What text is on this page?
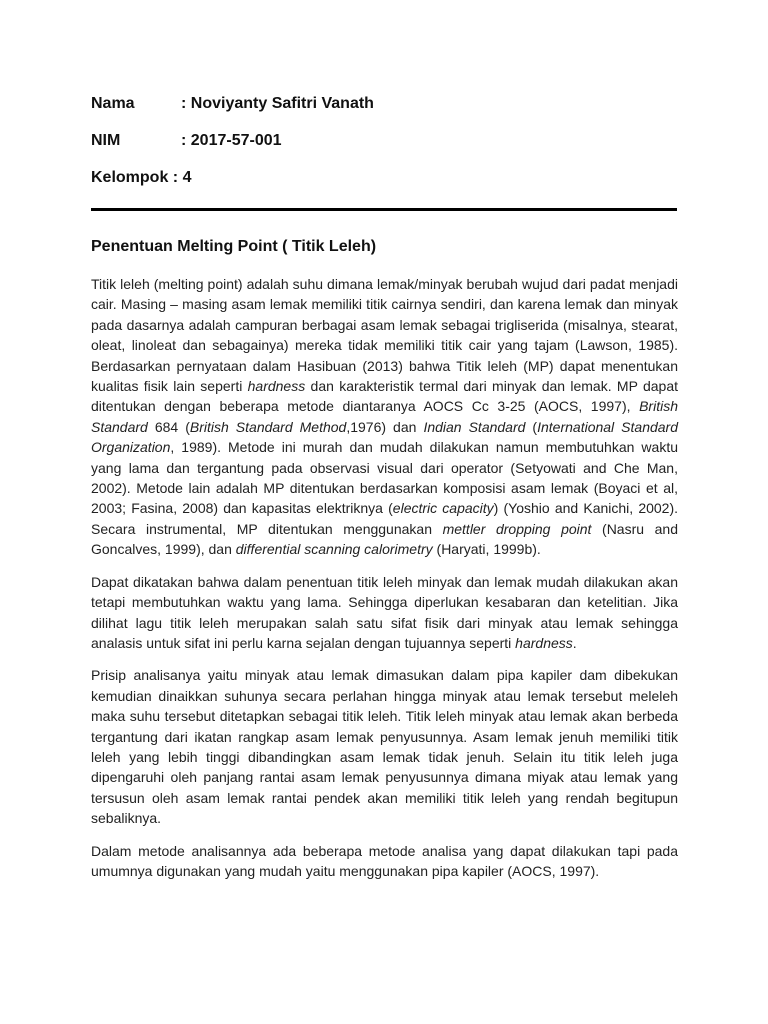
Nama	: Noviyanty Safitri Vanath
NIM	: 2017-57-001
Kelompok : 4
Penentuan Melting Point ( Titik Leleh)

Titik leleh (melting point) adalah suhu dimana lemak/minyak berubah wujud dari padat menjadi cair. Masing – masing asam lemak memiliki titik cairnya sendiri, dan karena lemak dan minyak pada dasarnya adalah campuran berbagai asam lemak sebagai trigliserida (misalnya, stearat, oleat, linoleat dan sebagainya) mereka tidak memiliki titik cair yang tajam (Lawson, 1985). Berdasarkan pernyataan dalam Hasibuan (2013) bahwa Titik leleh (MP) dapat menentukan kualitas fisik lain seperti hardness dan karakteristik termal dari minyak dan lemak. MP dapat ditentukan dengan beberapa metode diantaranya AOCS Cc 3-25 (AOCS, 1997), British Standard 684 (British Standard Method,1976) dan Indian Standard (International Standard Organization, 1989). Metode ini murah dan mudah dilakukan namun membutuhkan waktu yang lama dan tergantung pada observasi visual dari operator (Setyowati and Che Man, 2002). Metode lain adalah MP ditentukan berdasarkan komposisi asam lemak (Boyaci et al, 2003; Fasina, 2008) dan kapasitas elektriknya (electric capacity) (Yoshio and Kanichi, 2002). Secara instrumental, MP ditentukan menggunakan mettler dropping point (Nasru and Goncalves, 1999), dan differential scanning calorimetry (Haryati, 1999b).

Dapat dikatakan bahwa dalam penentuan titik leleh minyak dan lemak mudah dilakukan akan tetapi membutuhkan waktu yang lama. Sehingga diperlukan kesabaran dan ketelitian. Jika dilihat lagu titik leleh merupakan salah satu sifat fisik dari minyak atau lemak sehingga analasis untuk sifat ini perlu karna sejalan dengan tujuannya seperti hardness.

Prisip analisanya yaitu minyak atau lemak dimasukan dalam pipa kapiler dam dibekukan kemudian dinaikkan suhunya secara perlahan hingga minyak atau lemak tersebut meleleh maka suhu tersebut ditetapkan sebagai titik leleh. Titik leleh minyak atau lemak akan berbeda tergantung dari ikatan rangkap asam lemak penyusunnya. Asam lemak jenuh memiliki titik leleh yang lebih tinggi dibandingkan asam lemak tidak jenuh. Selain itu titik leleh juga dipengaruhi oleh panjang rantai asam lemak penyusunnya dimana miyak atau lemak yang tersusun oleh asam lemak rantai pendek akan memiliki titik leleh yang rendah begitupun sebaliknya.

Dalam metode analisannya ada beberapa metode analisa yang dapat dilakukan tapi pada umumnya digunakan yang mudah yaitu menggunakan pipa kapiler (AOCS, 1997).
